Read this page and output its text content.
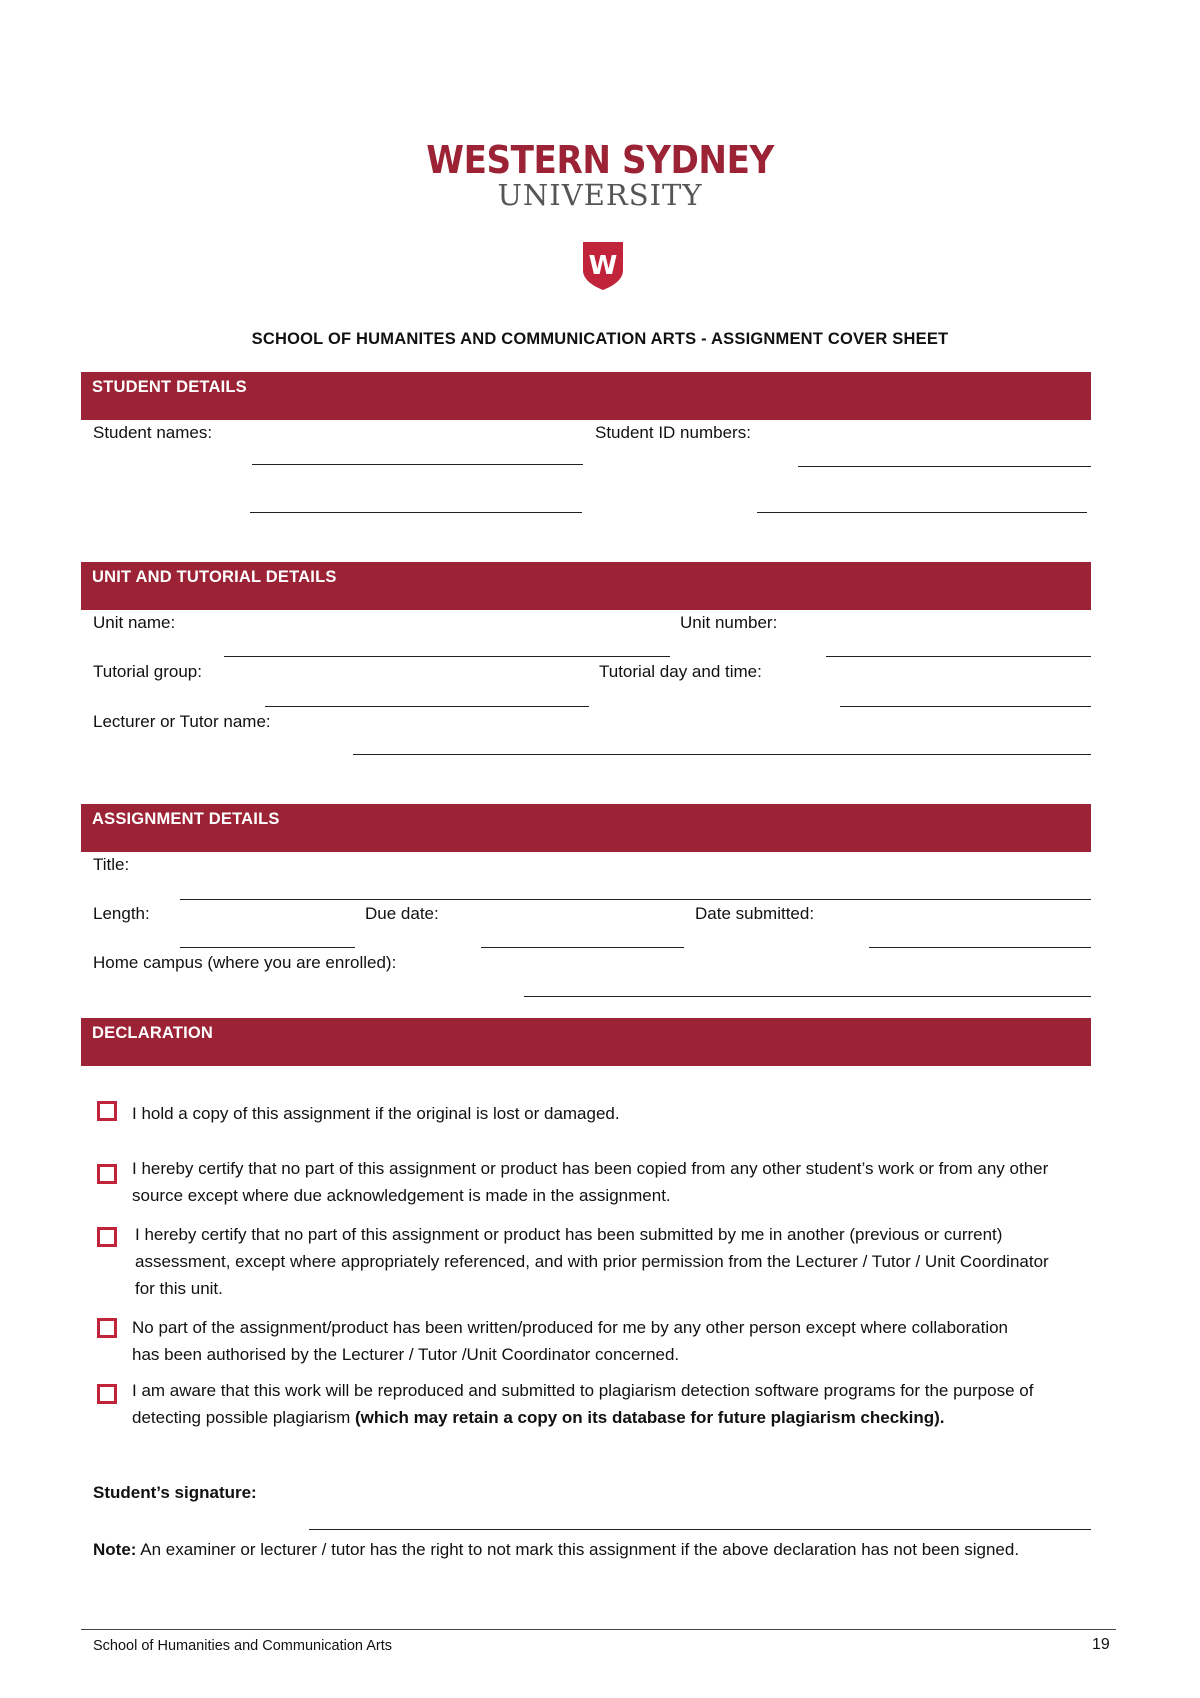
WESTERN SYDNEY
UNIVERSITY
W
SCHOOL OF HUMANITES AND COMMUNICATION ARTS - ASSIGNMENT COVER SHEET
STUDENT DETAILS
Student names:	Student ID numbers:
UNIT AND TUTORIAL DETAILS
Unit name:	Unit number:
Tutorial group:	Tutorial day and time:
Lecturer or Tutor name:
ASSIGNMENT DETAILS
Title:
Length:	Due date:	Date submitted:
Home campus (where you are enrolled):
DECLARATION
I hold a copy of this assignment if the original is lost or damaged.
I hereby certify that no part of this assignment or product has been copied from any other student’s work or from any other source except where due acknowledgement is made in the assignment.
I hereby certify that no part of this assignment or product has been submitted by me in another (previous or current) assessment, except where appropriately referenced, and with prior permission from the Lecturer / Tutor / Unit Coordinator for this unit.
No part of the assignment/product has been written/produced for me by any other person except where collaboration has been authorised by the Lecturer / Tutor /Unit Coordinator concerned.
I am aware that this work will be reproduced and submitted to plagiarism detection software programs for the purpose of detecting possible plagiarism (which may retain a copy on its database for future plagiarism checking).
Student’s signature:
Note: An examiner or lecturer / tutor has the right to not mark this assignment if the above declaration has not been signed.
School of Humanities and Communication Arts	19
